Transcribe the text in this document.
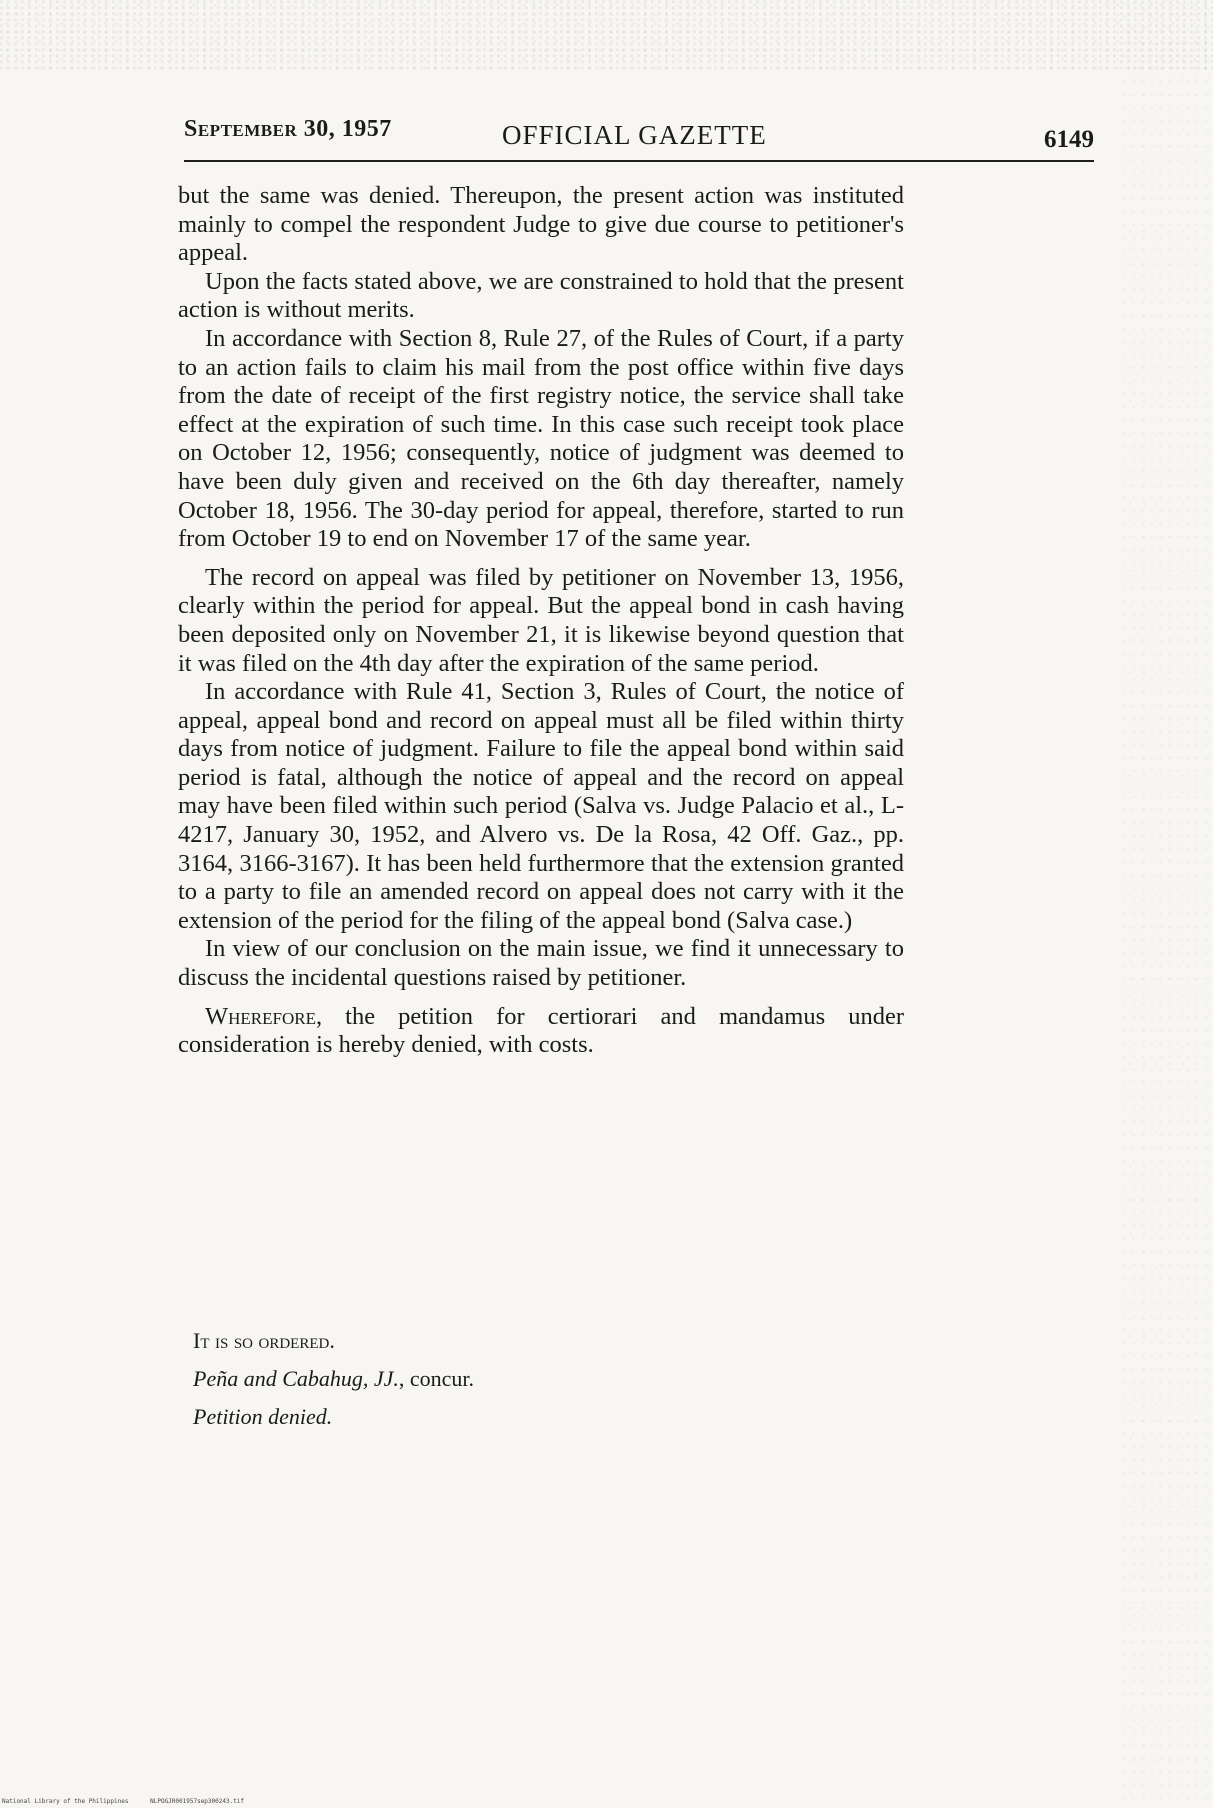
September 30, 1957	OFFICIAL GAZETTE	6149

but the same was denied. Thereupon, the present action was instituted mainly to compel the respondent Judge to give due course to petitioner's appeal.

Upon the facts stated above, we are constrained to hold that the present action is without merits.

In accordance with Section 8, Rule 27, of the Rules of Court, if a party to an action fails to claim his mail from the post office within five days from the date of receipt of the first registry notice, the service shall take effect at the expiration of such time. In this case such receipt took place on October 12, 1956; consequently, notice of judgment was deemed to have been duly given and received on the 6th day thereafter, namely October 18, 1956. The 30-day period for appeal, therefore, started to run from October 19 to end on November 17 of the same year.

The record on appeal was filed by petitioner on November 13, 1956, clearly within the period for appeal. But the appeal bond in cash having been deposited only on November 21, it is likewise beyond question that it was filed on the 4th day after the expiration of the same period.

In accordance with Rule 41, Section 3, Rules of Court, the notice of appeal, appeal bond and record on appeal must all be filed within thirty days from notice of judgment. Failure to file the appeal bond within said period is fatal, although the notice of appeal and the record on appeal may have been filed within such period (Salva vs. Judge Palacio et al., L-4217, January 30, 1952, and Alvero vs. De la Rosa, 42 Off. Gaz., pp. 3164, 3166-3167). It has been held furthermore that the extension granted to a party to file an amended record on appeal does not carry with it the extension of the period for the filing of the appeal bond (Salva case.)

In view of our conclusion on the main issue, we find it unnecessary to discuss the incidental questions raised by petitioner.

Wherefore, the petition for certiorari and mandamus under consideration is hereby denied, with costs.

It is so ordered.
Peña and Cabahug, JJ., concur.
Petition denied.
National Library of the Philippines	NLPOGJR001957sep300243.tif
